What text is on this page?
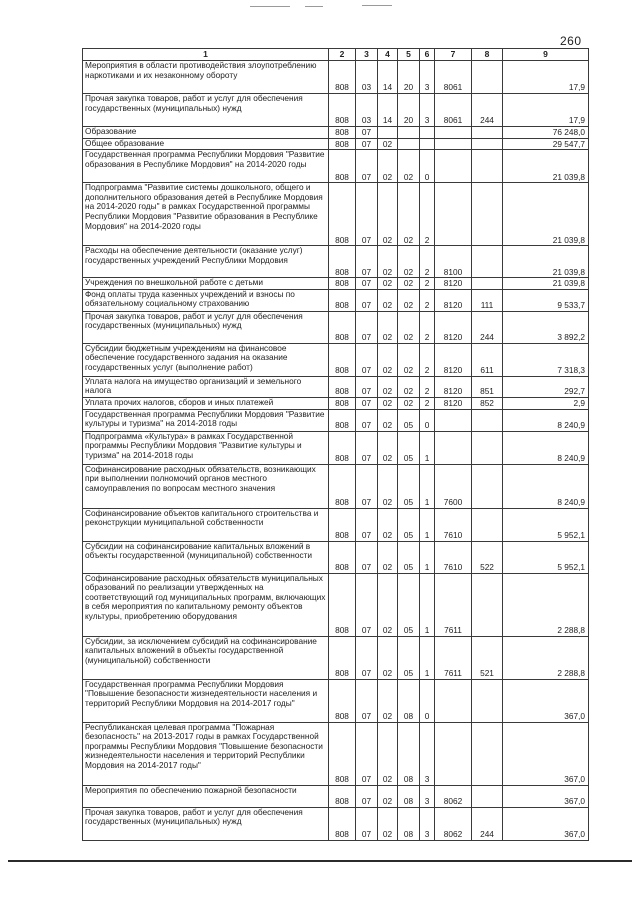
260
1	2	3	4	5	6	7	8	9
Мероприятия в области противодействия злоупотреблению наркотиками и их незаконному обороту	808	03	14	20	3	8061		17,9
Прочая закупка товаров, работ и услуг для обеспечения государственных (муниципальных) нужд	808	03	14	20	3	8061	244	17,9
Образование	808	07						76 248,0
Общее образование	808	07	02					29 547,7
Государственная программа Республики Мордовия "Развитие образования в Республике Мордовия" на 2014-2020 годы	808	07	02	02	0			21 039,8
Подпрограмма "Развитие системы дошкольного, общего и дополнительного образования детей в Республике Мордовия на 2014-2020 годы" в рамках Государственной программы Республики Мордовия "Развитие образования в Республике Мордовия" на 2014-2020 годы	808	07	02	02	2			21 039,8
Расходы на обеспечение деятельности (оказание услуг) государственных учреждений Республики Мордовия	808	07	02	02	2	8100		21 039,8
Учреждения по внешкольной работе с детьми	808	07	02	02	2	8120		21 039,8
Фонд оплаты труда казенных учреждений и взносы по обязательному социальному страхованию	808	07	02	02	2	8120	111	9 533,7
Прочая закупка товаров, работ и услуг для обеспечения государственных (муниципальных) нужд	808	07	02	02	2	8120	244	3 892,2
Субсидии бюджетным учреждениям на финансовое обеспечение государственного задания на оказание государственных услуг (выполнение работ)	808	07	02	02	2	8120	611	7 318,3
Уплата налога на имущество организаций и земельного налога	808	07	02	02	2	8120	851	292,7
Уплата прочих налогов, сборов и иных платежей	808	07	02	02	2	8120	852	2,9
Государственная программа Республики Мордовия "Развитие культуры и туризма" на 2014-2018 годы	808	07	02	05	0			8 240,9
Подпрограмма «Культура» в рамках Государственной программы Республики Мордовия "Развитие культуры и туризма" на 2014-2018 годы	808	07	02	05	1			8 240,9
Софинансирование расходных обязательств, возникающих при выполнении полномочий органов местного самоуправления по вопросам местного значения	808	07	02	05	1	7600		8 240,9
Софинансирование объектов капитального строительства и реконструкции муниципальной собственности	808	07	02	05	1	7610		5 952,1
Субсидии на софинансирование капитальных вложений в объекты государственной (муниципальной) собственности	808	07	02	05	1	7610	522	5 952,1
Софинансирование расходных обязательств муниципальных образований по реализации утвержденных на соответствующий год муниципальных программ, включающих в себя мероприятия по капитальному ремонту объектов культуры, приобретению оборудования	808	07	02	05	1	7611		2 288,8
Субсидии, за исключением субсидий на софинансирование капитальных вложений в объекты государственной (муниципальной) собственности	808	07	02	05	1	7611	521	2 288,8
Государственная программа Республики Мордовия "Повышение безопасности жизнедеятельности населения и территорий Республики Мордовия на 2014-2017 годы"	808	07	02	08	0			367,0
Республиканская целевая программа "Пожарная безопасность" на 2013-2017 годы в рамках Государственной программы Республики Мордовия "Повышение безопасности жизнедеятельности населения и территорий Республики Мордовия на 2014-2017 годы"	808	07	02	08	3			367,0
Мероприятия по обеспечению пожарной безопасности	808	07	02	08	3	8062		367,0
Прочая закупка товаров, работ и услуг для обеспечения государственных (муниципальных) нужд	808	07	02	08	3	8062	244	367,0
